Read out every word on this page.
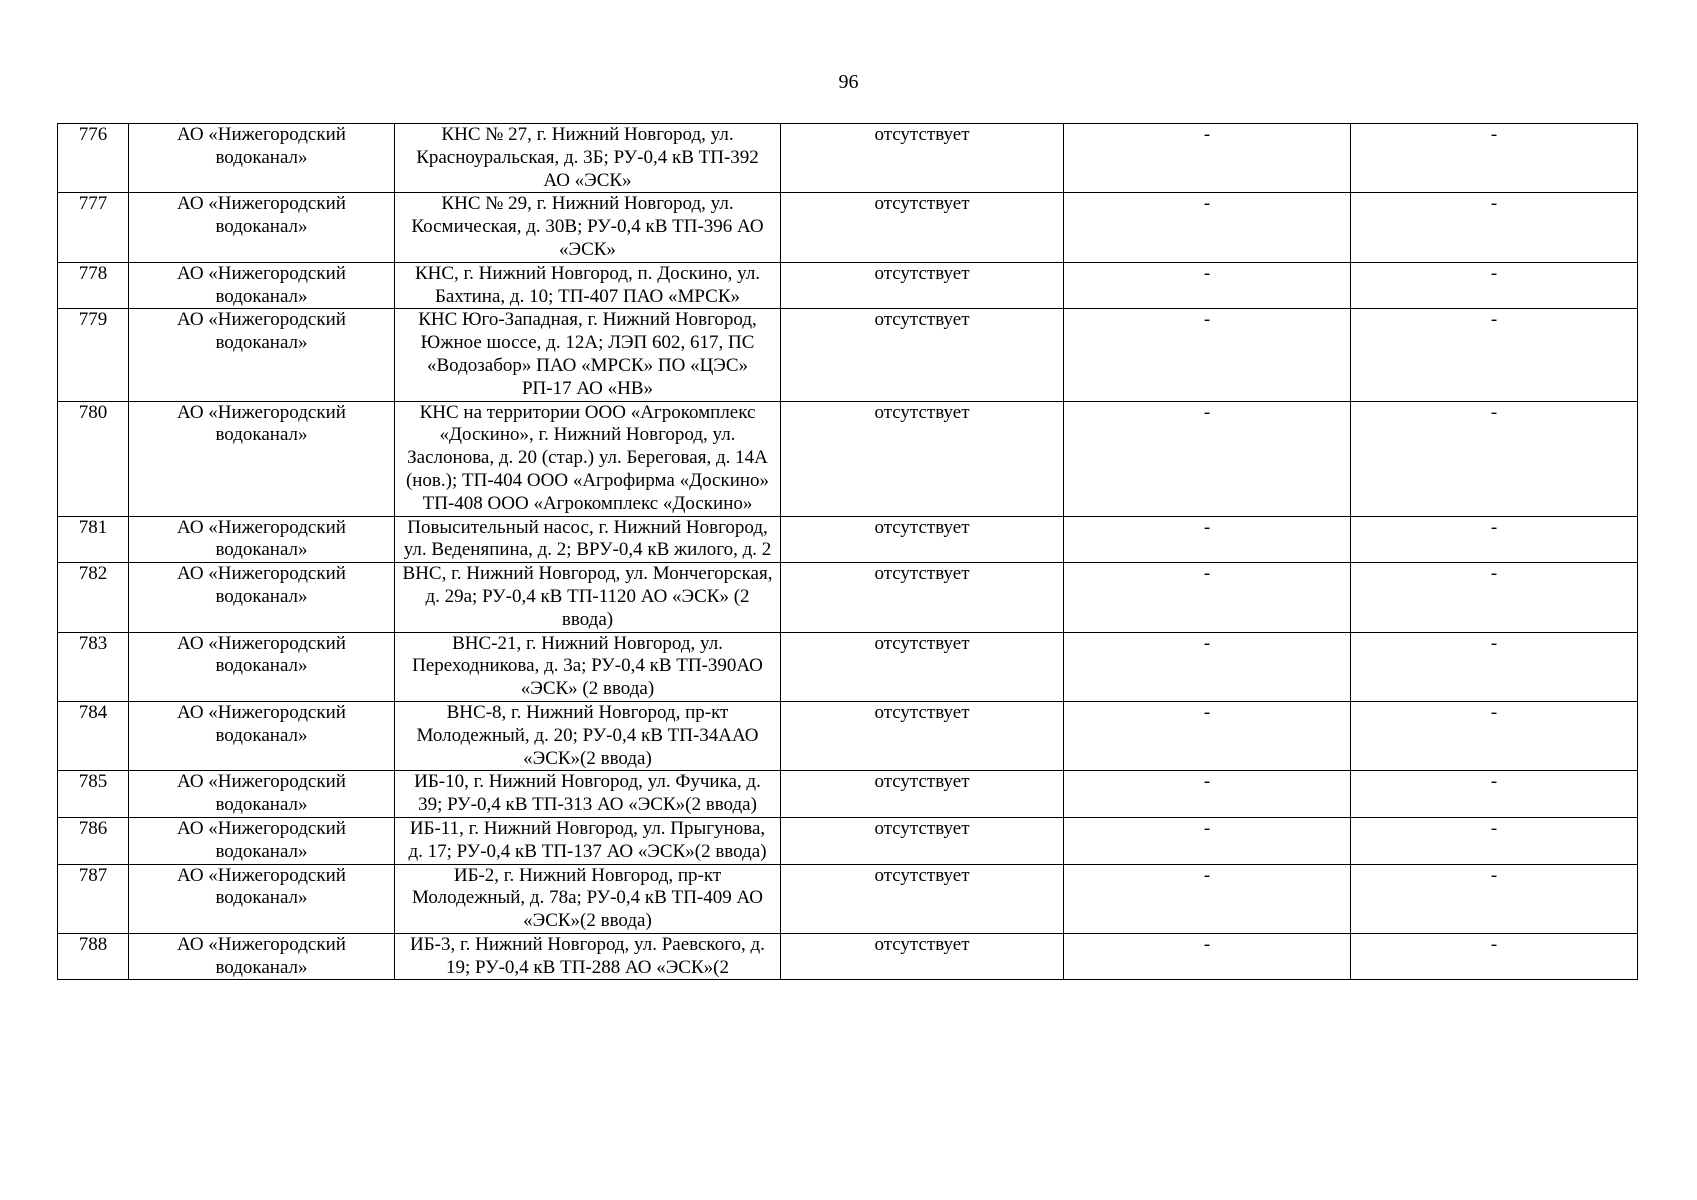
96
776	АО «Нижегородский водоканал»	КНС № 27, г. Нижний Новгород, ул. Красноуральская, д. 3Б; РУ-0,4 кВ ТП-392 АО «ЭСК»	отсутствует	-	-
777	АО «Нижегородский водоканал»	КНС № 29, г. Нижний Новгород, ул. Космическая, д. 30В; РУ-0,4 кВ ТП-396 АО «ЭСК»	отсутствует	-	-
778	АО «Нижегородский водоканал»	КНС, г. Нижний Новгород, п. Доскино, ул. Бахтина, д. 10; ТП-407 ПАО «МРСК»	отсутствует	-	-
779	АО «Нижегородский водоканал»	КНС Юго-Западная, г. Нижний Новгород, Южное шоссе, д. 12А; ЛЭП 602, 617, ПС «Водозабор» ПАО «МРСК» ПО «ЦЭС» РП-17 АО «НВ»	отсутствует	-	-
780	АО «Нижегородский водоканал»	КНС на территории ООО «Агрокомплекс «Доскино», г. Нижний Новгород, ул. Заслонова, д. 20 (стар.) ул. Береговая, д. 14А (нов.); ТП-404 ООО «Агрофирма «Доскино» ТП-408 ООО «Агрокомплекс «Доскино»	отсутствует	-	-
781	АО «Нижегородский водоканал»	Повысительный насос, г. Нижний Новгород, ул. Веденяпина, д. 2; ВРУ-0,4 кВ жилого, д. 2	отсутствует	-	-
782	АО «Нижегородский водоканал»	ВНС, г. Нижний Новгород, ул. Мончегорская, д. 29а; РУ-0,4 кВ ТП-1120 АО «ЭСК» (2 ввода)	отсутствует	-	-
783	АО «Нижегородский водоканал»	ВНС-21, г. Нижний Новгород, ул. Переходникова, д. 3а; РУ-0,4 кВ ТП-390АО «ЭСК» (2 ввода)	отсутствует	-	-
784	АО «Нижегородский водоканал»	ВНС-8, г. Нижний Новгород, пр-кт Молодежный, д. 20; РУ-0,4 кВ ТП-34ААО «ЭСК»(2 ввода)	отсутствует	-	-
785	АО «Нижегородский водоканал»	ИБ-10, г. Нижний Новгород, ул. Фучика, д. 39; РУ-0,4 кВ ТП-313 АО «ЭСК»(2 ввода)	отсутствует	-	-
786	АО «Нижегородский водоканал»	ИБ-11, г. Нижний Новгород, ул. Прыгунова, д. 17; РУ-0,4 кВ ТП-137 АО «ЭСК»(2 ввода)	отсутствует	-	-
787	АО «Нижегородский водоканал»	ИБ-2, г. Нижний Новгород, пр-кт Молодежный, д. 78а; РУ-0,4 кВ ТП-409 АО «ЭСК»(2 ввода)	отсутствует	-	-
788	АО «Нижегородский водоканал»	ИБ-3, г. Нижний Новгород, ул. Раевского, д. 19; РУ-0,4 кВ ТП-288 АО «ЭСК»(2	отсутствует	-	-
